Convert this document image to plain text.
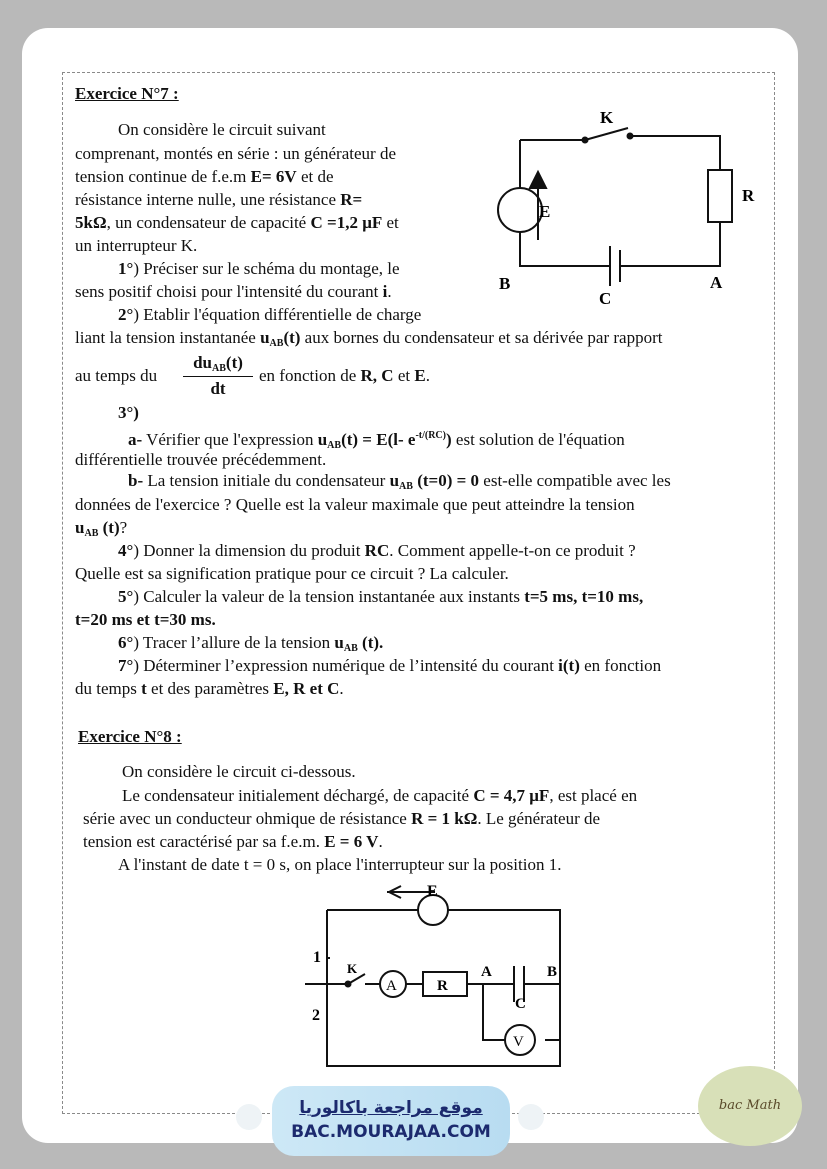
Exercice N°7 :
On considère le circuit suivant
comprenant, montés en série : un générateur de
tension continue de f.e.m E= 6V et de
résistance interne nulle, une résistance R=
5kΩ, un condensateur de capacité C =1,2 μF et
un interrupteur K.
1°) Préciser sur le schéma du montage, le
sens positif choisi pour l'intensité du courant i.
2°) Etablir l'équation différentielle de charge
liant la tension instantanée $u_{AB}(t)$ aux bornes du condensateur et sa dérivée par rapport
au temps du
$du_{AB}(t)$
dt
en fonction de R, C et E.
3°)
a- Vérifier que l'expression $u_{AB}(t) = E(l-$ $e^{-t/(RC)}$) est solution de l'équation
différentielle trouvée précédemment.
b- La tension initiale du condensateur $u_{AB}$ (t=0) = 0 est-elle compatible avec les
données de l'exercice ? Quelle est la valeur maximale que peut atteindre la tension
$u_{AB}$ (t)?
4°) Donner la dimension du produit RC. Comment appelle-t-on ce produit ?
Quelle est sa signification pratique pour ce circuit ? La calculer.
5°) Calculer la valeur de la tension instantanée aux instants t=5 ms, t=10 ms,
t=20 ms et t=30 ms.
6°) Tracer l’allure de la tension $u_{AB}$ (t).
7°) Déterminer l’expression numérique de l’intensité du courant i(t) en fonction
du temps t et des paramètres E, R et C.
K
R
E
B	A
C
Exercice N°8 :
On considère le circuit ci-dessous.
Le condensateur initialement déchargé, de capacité C = 4,7 μF, est placé en
série avec un conducteur ohmique de résistance R = 1 kΩ. Le générateur de
tension est caractérisé par sa f.e.m. E = 6 V.
A l'instant de date t = 0 s, on place l'interrupteur sur la position 1.
E
1
2
K
A	R
A	B
C
V
موقع مراجعة باكالوريا
BAC.MOURAJAA.COM
bac Math
